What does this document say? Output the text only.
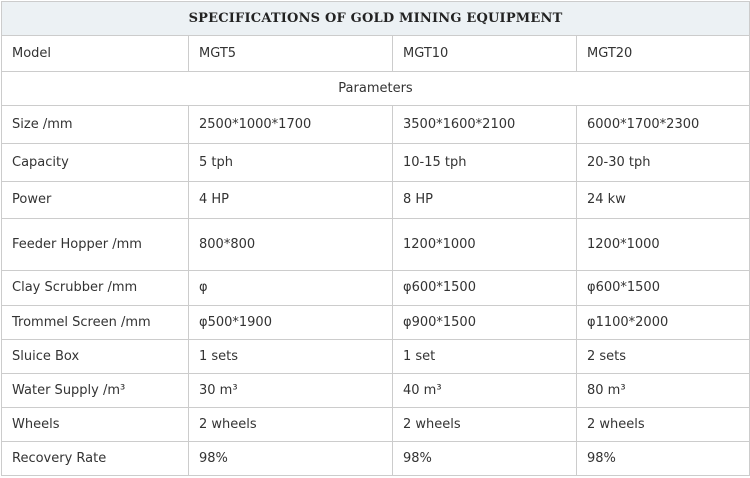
SPECIFICATIONS OF GOLD MINING EQUIPMENT			
Model	MGT5	MGT10	MGT20
Parameters			
Size /mm	2500*1000*1700	3500*1600*2100	6000*1700*2300
Capacity	5 tph	10-15 tph	20-30 tph
Power	4 HP	8 HP	24 kw
Feeder Hopper /mm	800*800	1200*1000	1200*1000
Clay Scrubber /mm	φ	φ600*1500	φ600*1500
Trommel Screen /mm	φ500*1900	φ900*1500	φ1100*2000
Sluice Box	1 sets	1 set	2 sets
Water Supply /m³	30 m³	40 m³	80 m³
Wheels	2 wheels	2 wheels	2 wheels
Recovery Rate	98%	98%	98%
